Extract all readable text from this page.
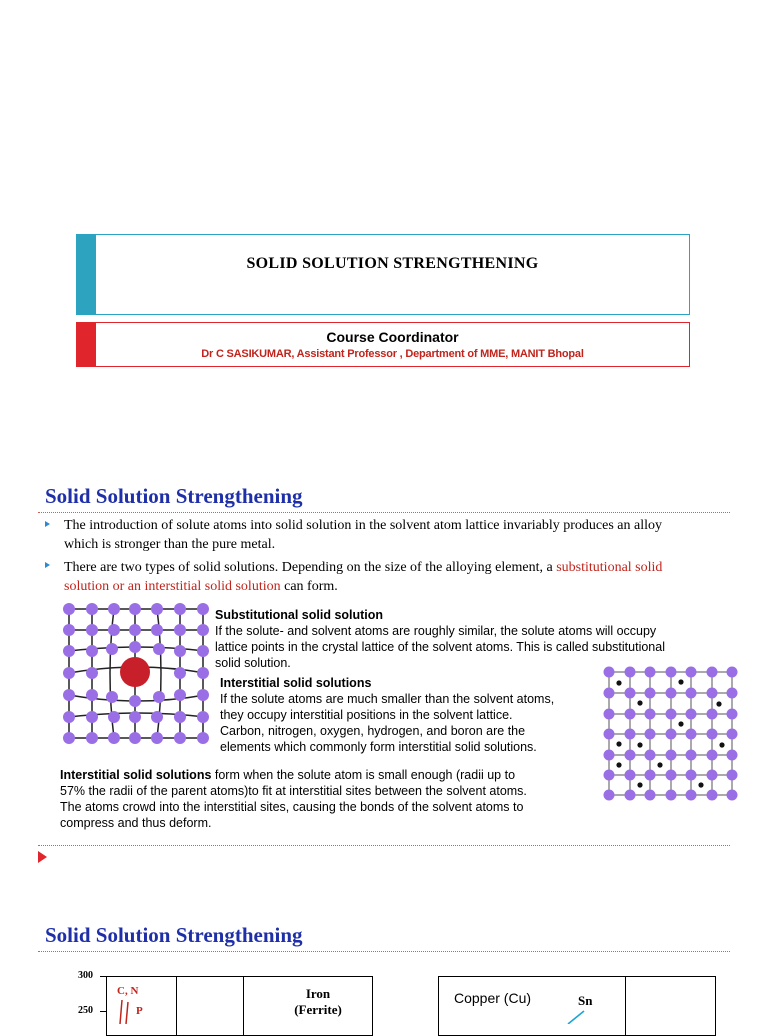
SOLID SOLUTION STRENGTHENING
Course Coordinator
Dr C SASIKUMAR, Assistant Professor , Department of MME, MANIT Bhopal
Solid Solution Strengthening
The introduction of solute atoms into solid solution in the solvent atom lattice invariably produces an alloy
which is stronger than the pure metal.
There are two types of solid solutions. Depending on the size of the alloying element, a substitutional solid
solution or an interstitial solid solution can form.
Substitutional solid solution
If the solute- and solvent atoms are roughly similar, the solute atoms will occupy
lattice points in the crystal lattice of the solvent atoms. This is called substitutional
solid solution.
Interstitial solid solutions
If the solute atoms are much smaller than the solvent atoms,
they occupy interstitial positions in the solvent lattice.
Carbon, nitrogen, oxygen, hydrogen, and boron are the
elements which commonly form interstitial solid solutions.
Interstitial solid solutions form when the solute atom is small enough (radii up to
57% the radii of the parent atoms)to fit at interstitial sites between the solvent atoms.
The atoms crowd into the interstitial sites, causing the bonds of the solvent atoms to
compress and thus deform.
Solid Solution Strengthening
300
250
C, N
P
Iron
(Ferrite)
Copper (Cu)	Sn
